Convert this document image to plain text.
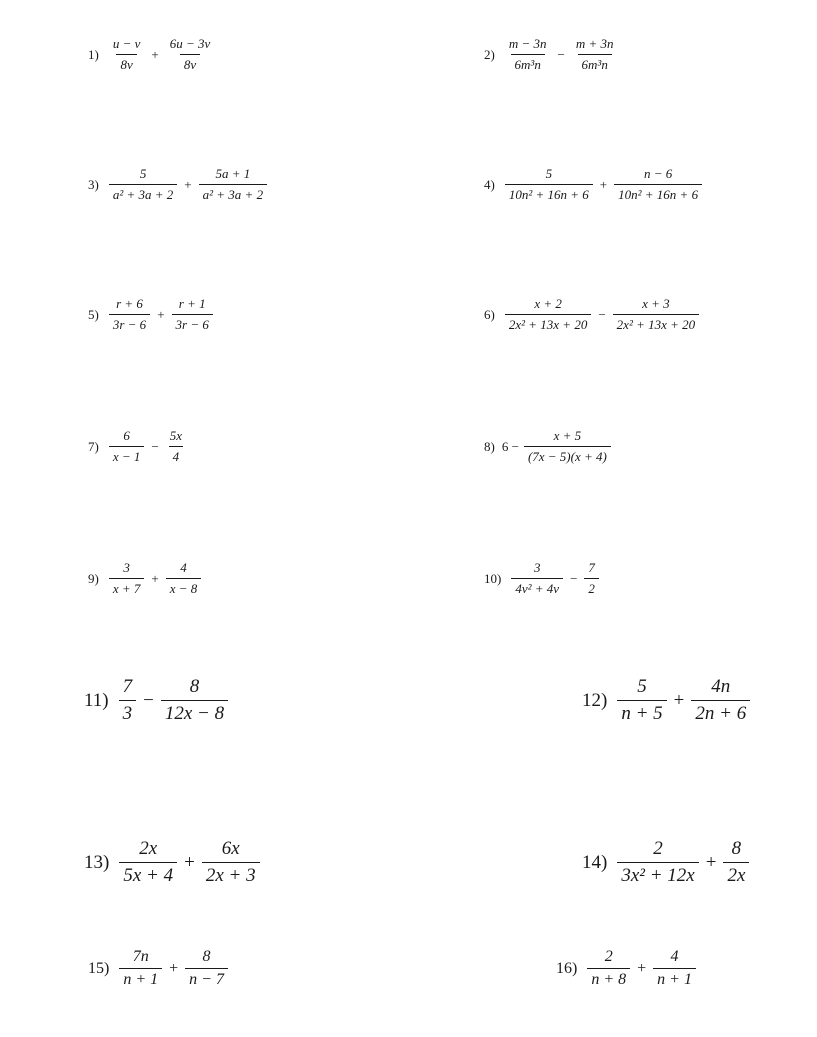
$1) \frac{u - v}{8v} + \frac{6u - 3v}{8v}$	$2) \frac{m - 3n}{\text{6m³n}} - \frac{m + 3n}{\text{6m³n}}$
$3) \frac{5}{\text{a² + 3a + 2}} + \frac{5a + 1}{\text{a² + 3a + 2}}$	$4) \frac{5}{\text{10n² + 16n + 6}} + \frac{n - 6}{\text{10n² + 16n + 6}}$
$5) \frac{r + 6}{3r - 6} + \frac{r + 1}{3r - 6}$	$6) \frac{x + 2}{\text{2x² + 13x + 20}} - \frac{x + 3}{\text{2x² + 13x + 20}}$
$7) \frac{6}{x - 1} - \frac{5x}{4}$	8) $6 - \frac{x + 5}{(7x - 5)(x + 4)}$
$9) \frac{3}{x + 7} + \frac{4}{x - 8}$	$10) \frac{3}{\text{4v² + 4v}} - \frac{7}{2}$
$11) \frac{7}{3} - \frac{8}{12x - 8}$	$12) \frac{5}{n + 5} + \frac{4n}{2n + 6}$
$13) \frac{2x}{5x + 4} + \frac{6x}{2x + 3}$	$14) \frac{2}{\text{3x² + 12x}} + \frac{8}{2x}$
$15) \frac{7n}{n + 1} + \frac{8}{n - 7}$	$16) \frac{2}{n + 8} + \frac{4}{n + 1}$
